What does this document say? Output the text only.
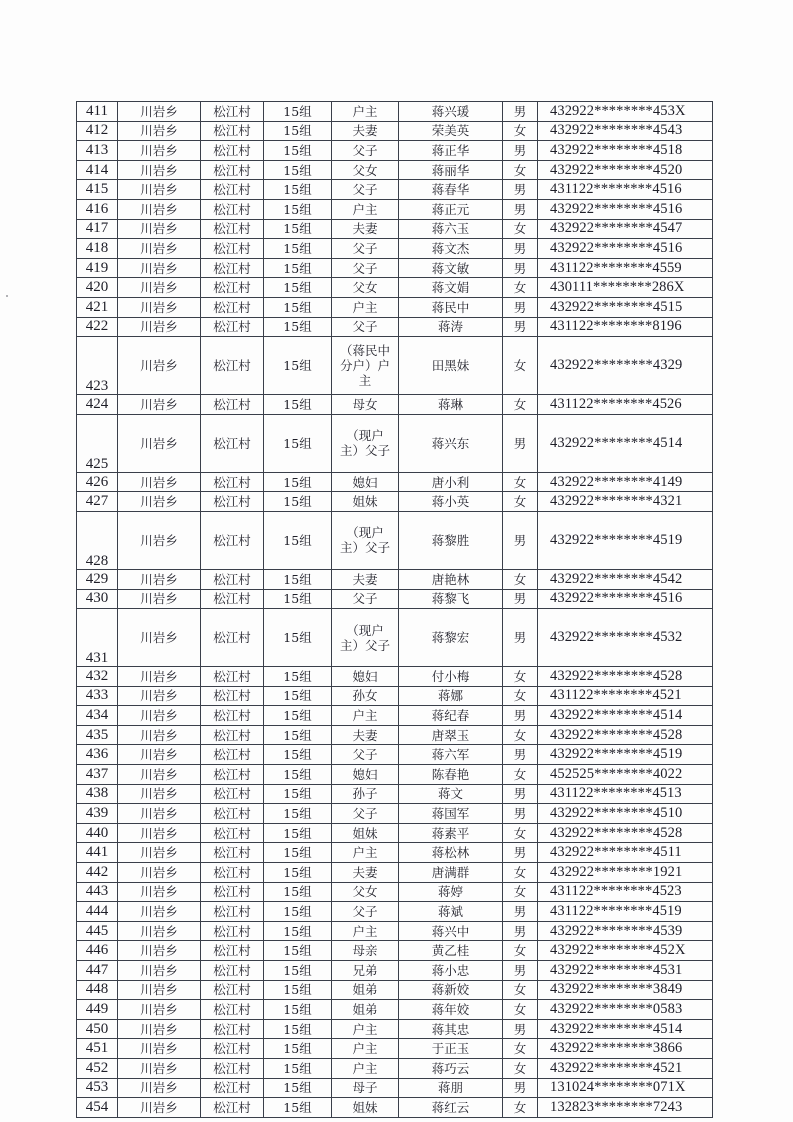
411	川岩乡	松江村	15组	户主	蒋兴瑗	男	432922********453X
412	川岩乡	松江村	15组	夫妻	荣美英	女	432922********4543
413	川岩乡	松江村	15组	父子	蒋正华	男	432922********4518
414	川岩乡	松江村	15组	父女	蒋丽华	女	432922********4520
415	川岩乡	松江村	15组	父子	蒋春华	男	431122********4516
416	川岩乡	松江村	15组	户主	蒋正元	男	432922********4516
417	川岩乡	松江村	15组	夫妻	蒋六玉	女	432922********4547
418	川岩乡	松江村	15组	父子	蒋文杰	男	432922********4516
419	川岩乡	松江村	15组	父子	蒋文敏	男	431122********4559
420	川岩乡	松江村	15组	父女	蒋文娟	女	430111********286X
421	川岩乡	松江村	15组	户主	蒋民中	男	432922********4515
422	川岩乡	松江村	15组	父子	蒋涛	男	431122********8196
423	川岩乡	松江村	15组	（蒋民中分户）户主	田黑妹	女	432922********4329
424	川岩乡	松江村	15组	母女	蒋琳	女	431122********4526
425	川岩乡	松江村	15组	（现户主）父子	蒋兴东	男	432922********4514
426	川岩乡	松江村	15组	媳妇	唐小利	女	432922********4149
427	川岩乡	松江村	15组	姐妹	蒋小英	女	432922********4321
428	川岩乡	松江村	15组	（现户主）父子	蒋黎胜	男	432922********4519
429	川岩乡	松江村	15组	夫妻	唐艳林	女	432922********4542
430	川岩乡	松江村	15组	父子	蒋黎飞	男	432922********4516
431	川岩乡	松江村	15组	（现户主）父子	蒋黎宏	男	432922********4532
432	川岩乡	松江村	15组	媳妇	付小梅	女	432922********4528
433	川岩乡	松江村	15组	孙女	蒋娜	女	431122********4521
434	川岩乡	松江村	15组	户主	蒋纪春	男	432922********4514
435	川岩乡	松江村	15组	夫妻	唐翠玉	女	432922********4528
436	川岩乡	松江村	15组	父子	蒋六军	男	432922********4519
437	川岩乡	松江村	15组	媳妇	陈春艳	女	452525********4022
438	川岩乡	松江村	15组	孙子	蒋文	男	431122********4513
439	川岩乡	松江村	15组	父子	蒋国军	男	432922********4510
440	川岩乡	松江村	15组	姐妹	蒋素平	女	432922********4528
441	川岩乡	松江村	15组	户主	蒋松林	男	432922********4511
442	川岩乡	松江村	15组	夫妻	唐满群	女	432922********1921
443	川岩乡	松江村	15组	父女	蒋婷	女	431122********4523
444	川岩乡	松江村	15组	父子	蒋斌	男	431122********4519
445	川岩乡	松江村	15组	户主	蒋兴中	男	432922********4539
446	川岩乡	松江村	15组	母亲	黄乙桂	女	432922********452X
447	川岩乡	松江村	15组	兄弟	蒋小忠	男	432922********4531
448	川岩乡	松江村	15组	姐弟	蒋新姣	女	432922********3849
449	川岩乡	松江村	15组	姐弟	蒋年姣	女	432922********0583
450	川岩乡	松江村	15组	户主	蒋其忠	男	432922********4514
451	川岩乡	松江村	15组	户主	于正玉	女	432922********3866
452	川岩乡	松江村	15组	户主	蒋巧云	女	432922********4521
453	川岩乡	松江村	15组	母子	蒋朋	男	131024********071X
454	川岩乡	松江村	15组	姐妹	蒋红云	女	132823********7243
